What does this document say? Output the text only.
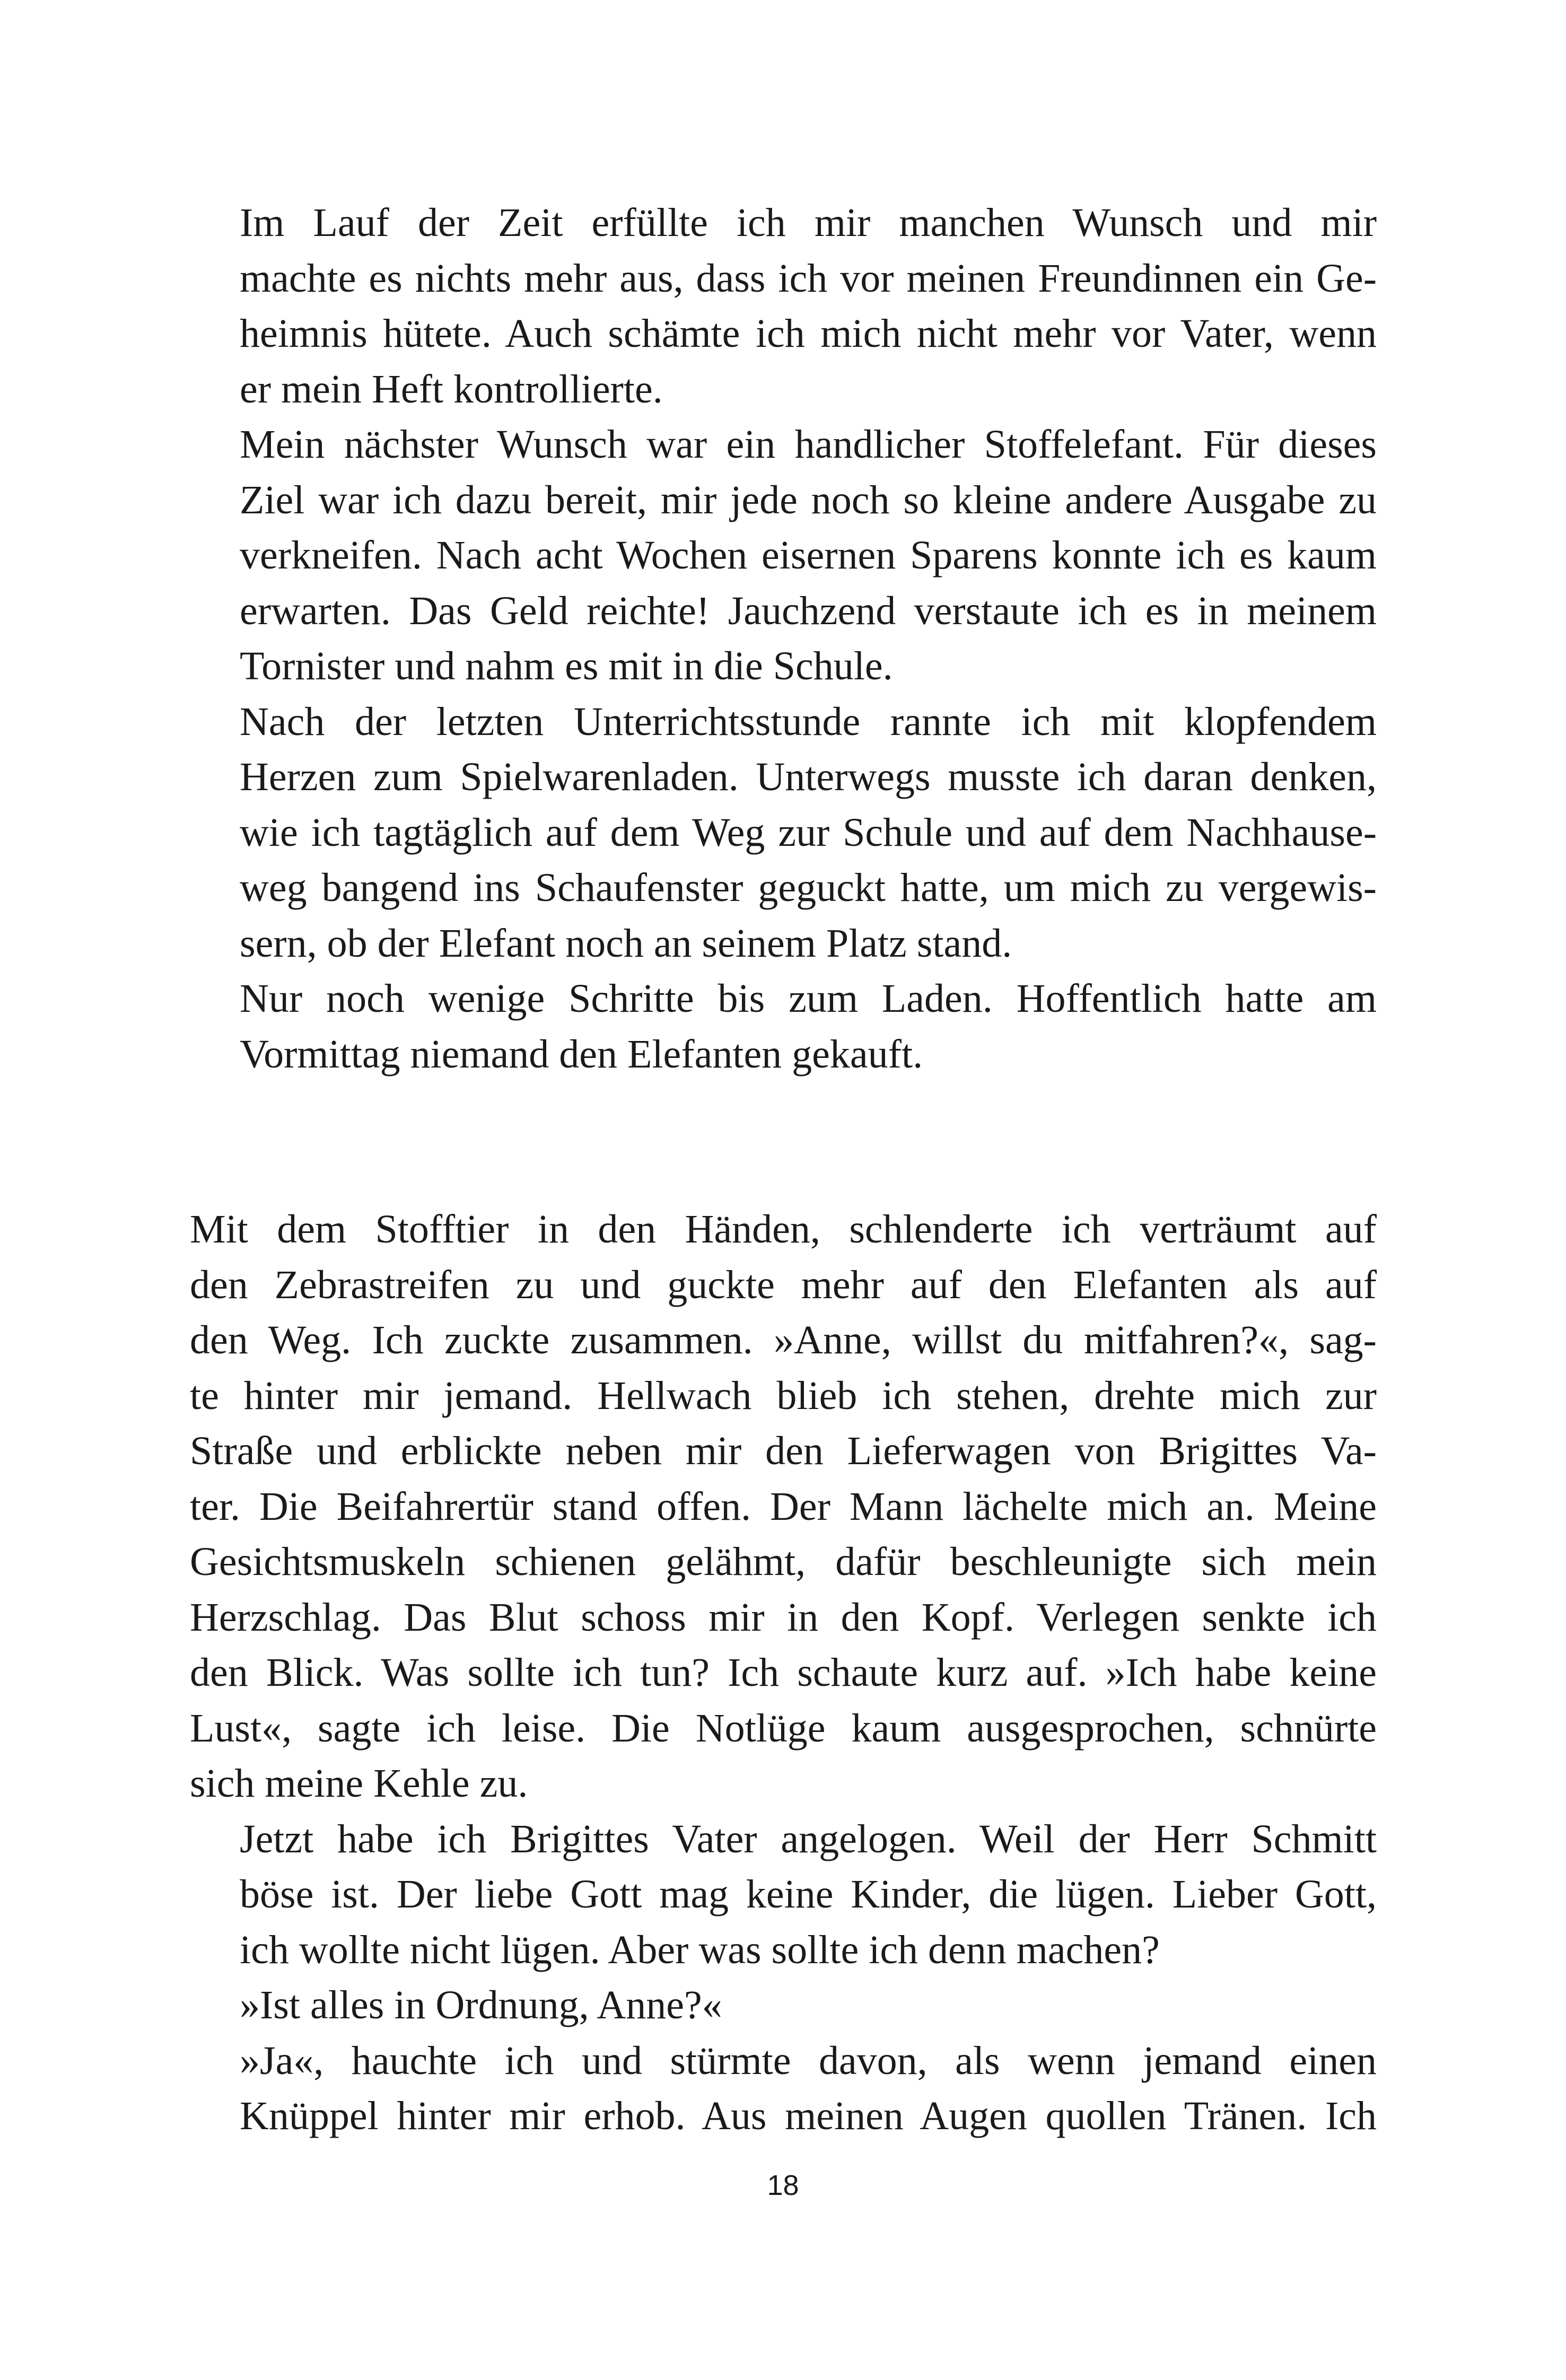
Im Lauf der Zeit erfüllte ich mir manchen Wunsch und mir
machte es nichts mehr aus, dass ich vor meinen Freundinnen ein Ge-
heimnis hütete. Auch schämte ich mich nicht mehr vor Vater, wenn
er mein Heft kontrollierte.

Mein nächster Wunsch war ein handlicher Stoffelefant. Für dieses
Ziel war ich dazu bereit, mir jede noch so kleine andere Ausgabe zu
verkneifen. Nach acht Wochen eisernen Sparens konnte ich es kaum
erwarten. Das Geld reichte! Jauchzend verstaute ich es in meinem
Tornister und nahm es mit in die Schule.

Nach der letzten Unterrichtsstunde rannte ich mit klopfendem
Herzen zum Spielwarenladen. Unterwegs musste ich daran denken,
wie ich tagtäglich auf dem Weg zur Schule und auf dem Nachhause-
weg bangend ins Schaufenster geguckt hatte, um mich zu vergewis-
sern, ob der Elefant noch an seinem Platz stand.

Nur noch wenige Schritte bis zum Laden. Hoffentlich hatte am
Vormittag niemand den Elefanten gekauft.

Mit dem Stofftier in den Händen, schlenderte ich verträumt auf
den Zebrastreifen zu und guckte mehr auf den Elefanten als auf
den Weg. Ich zuckte zusammen. »Anne, willst du mitfahren?«, sag-
te hinter mir jemand. Hellwach blieb ich stehen, drehte mich zur
Straße und erblickte neben mir den Lieferwagen von Brigittes Va-
ter. Die Beifahrertür stand offen. Der Mann lächelte mich an. Meine
Gesichtsmuskeln schienen gelähmt, dafür beschleunigte sich mein
Herzschlag. Das Blut schoss mir in den Kopf. Verlegen senkte ich
den Blick. Was sollte ich tun? Ich schaute kurz auf. »Ich habe keine
Lust«, sagte ich leise. Die Notlüge kaum ausgesprochen, schnürte
sich meine Kehle zu.

Jetzt habe ich Brigittes Vater angelogen. Weil der Herr Schmitt
böse ist. Der liebe Gott mag keine Kinder, die lügen. Lieber Gott,
ich wollte nicht lügen. Aber was sollte ich denn machen?

»Ist alles in Ordnung, Anne?«

»Ja«, hauchte ich und stürmte davon, als wenn jemand einen
Knüppel hinter mir erhob. Aus meinen Augen quollen Tränen. Ich

18
